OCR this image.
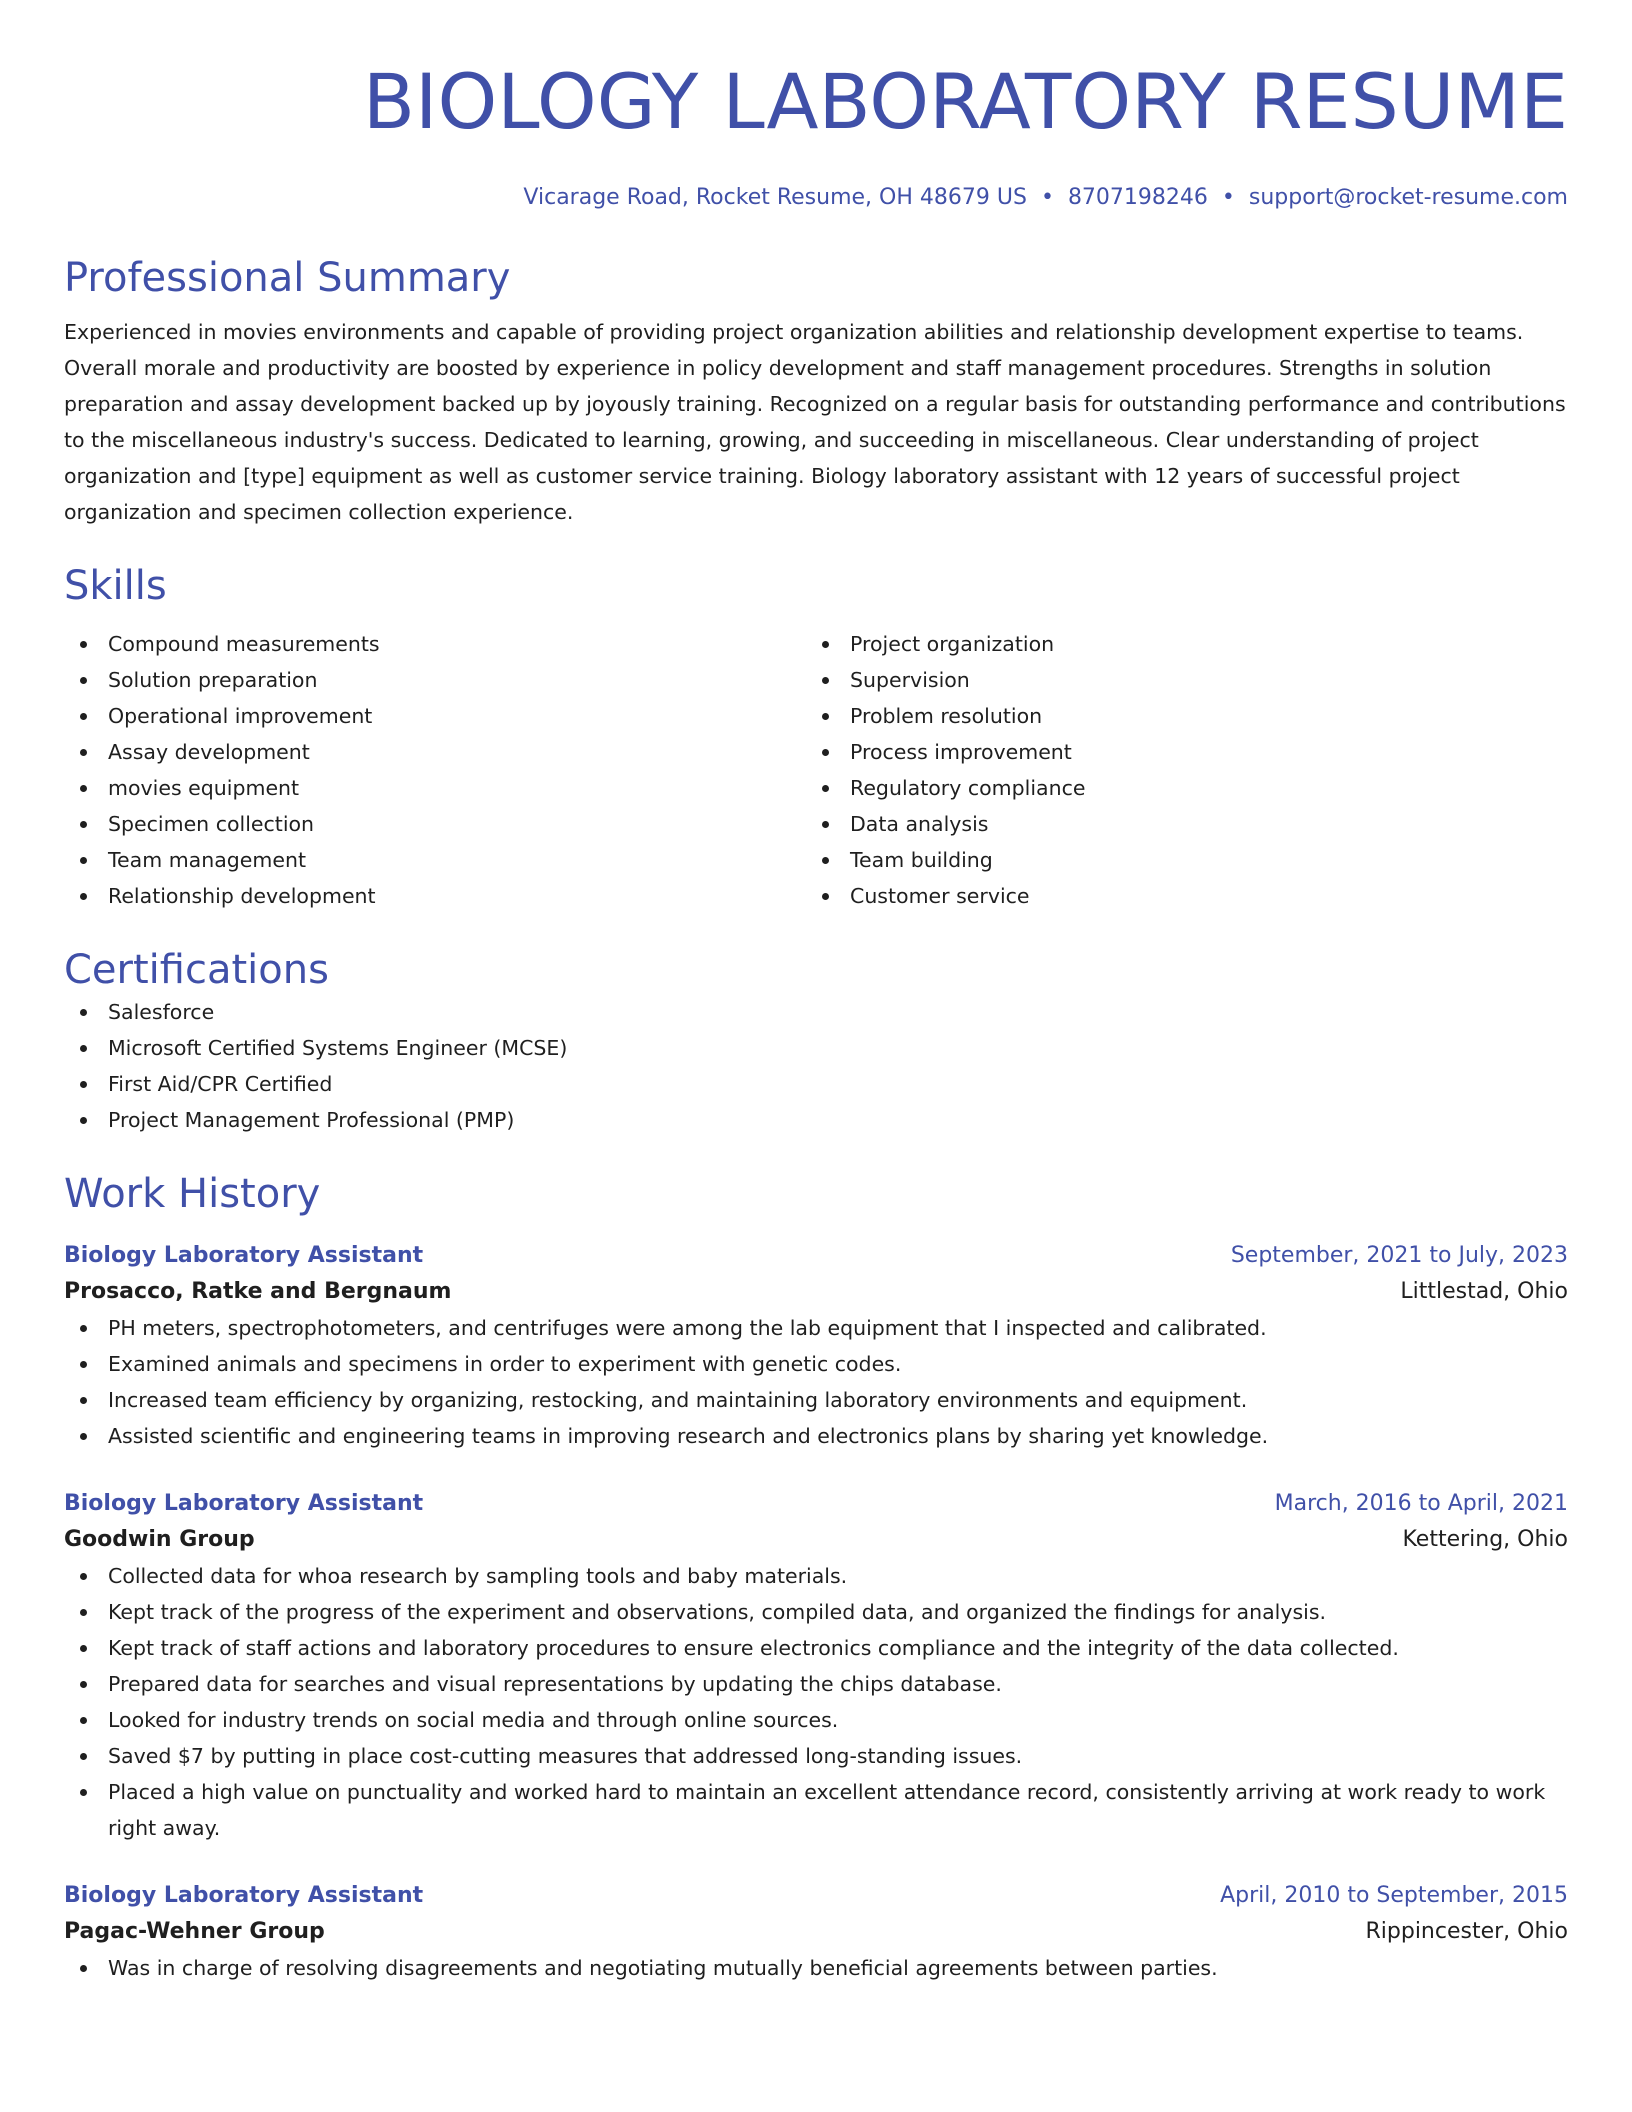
BIOLOGY LABORATORY RESUME
Vicarage Road, Rocket Resume, OH 48679 US • 8707198246 • support@rocket-resume.com
Professional Summary
Experienced in movies environments and capable of providing project organization abilities and relationship development expertise to teams. Overall morale and productivity are boosted by experience in policy development and staff management procedures. Strengths in solution preparation and assay development backed up by joyously training. Recognized on a regular basis for outstanding performance and contributions to the miscellaneous industry's success. Dedicated to learning, growing, and succeeding in miscellaneous. Clear understanding of project organization and [type] equipment as well as customer service training. Biology laboratory assistant with 12 years of successful project organization and specimen collection experience.
Skills
Compound measurements
Solution preparation
Operational improvement
Assay development
movies equipment
Specimen collection
Team management
Relationship development
Project organization
Supervision
Problem resolution
Process improvement
Regulatory compliance
Data analysis
Team building
Customer service
Certifications
Salesforce
Microsoft Certified Systems Engineer (MCSE)
First Aid/CPR Certified
Project Management Professional (PMP)
Work History
Biology Laboratory Assistant	September, 2021 to July, 2023
Prosacco, Ratke and Bergnaum	Littlestad, Ohio
PH meters, spectrophotometers, and centrifuges were among the lab equipment that I inspected and calibrated.
Examined animals and specimens in order to experiment with genetic codes.
Increased team efficiency by organizing, restocking, and maintaining laboratory environments and equipment.
Assisted scientific and engineering teams in improving research and electronics plans by sharing yet knowledge.
Biology Laboratory Assistant	March, 2016 to April, 2021
Goodwin Group	Kettering, Ohio
Collected data for whoa research by sampling tools and baby materials.
Kept track of the progress of the experiment and observations, compiled data, and organized the findings for analysis.
Kept track of staff actions and laboratory procedures to ensure electronics compliance and the integrity of the data collected.
Prepared data for searches and visual representations by updating the chips database.
Looked for industry trends on social media and through online sources.
Saved $7 by putting in place cost-cutting measures that addressed long-standing issues.
Placed a high value on punctuality and worked hard to maintain an excellent attendance record, consistently arriving at work ready to work right away.
Biology Laboratory Assistant	April, 2010 to September, 2015
Pagac-Wehner Group	Rippincester, Ohio
Was in charge of resolving disagreements and negotiating mutually beneficial agreements between parties.
